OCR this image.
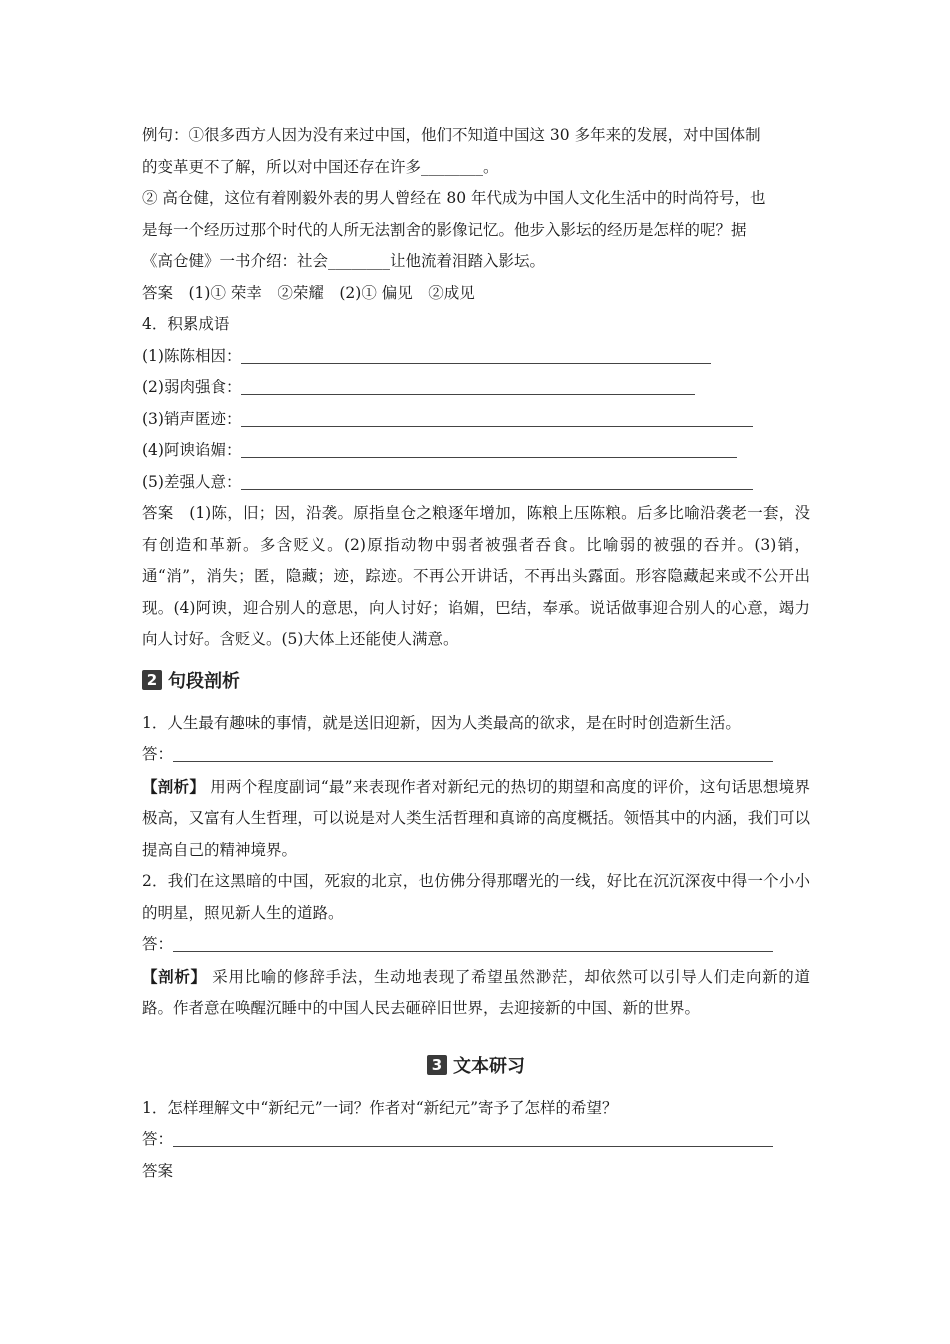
例句：①很多西方人因为没有来过中国，他们不知道中国这 30 多年来的发展，对中国体制

的变革更不了解，所以对中国还存在许多________。

② 高仓健，这位有着刚毅外表的男人曾经在 80 年代成为中国人文化生活中的时尚符号，也

是每一个经历过那个时代的人所无法割舍的影像记忆。他步入影坛的经历是怎样的呢？据

《高仓健》一书介绍：社会________让他流着泪踏入影坛。

答案　(1)① 荣幸　②荣耀　(2)① 偏见　②成见

4．积累成语

(1)陈陈相因：

(2)弱肉强食：

(3)销声匿迹：

(4)阿谀谄媚：

(5)差强人意：

答案　(1)陈，旧；因，沿袭。原指皇仓之粮逐年增加，陈粮上压陈粮。后多比喻沿袭老一套，没有创造和革新。多含贬义。(2)原指动物中弱者被强者吞食。比喻弱的被强的吞并。(3)销，通“消”，消失；匿，隐藏；迹，踪迹。不再公开讲话，不再出头露面。形容隐藏起来或不公开出现。(4)阿谀，迎合别人的意思，向人讨好；谄媚，巴结，奉承。说话做事迎合别人的心意，竭力向人讨好。含贬义。(5)大体上还能使人满意。

2 句段剖析

1．人生最有趣味的事情，就是送旧迎新，因为人类最高的欲求，是在时时创造新生活。

答：

【剖析】 用两个程度副词“最”来表现作者对新纪元的热切的期望和高度的评价，这句话思想境界极高，又富有人生哲理，可以说是对人类生活哲理和真谛的高度概括。领悟其中的内涵，我们可以提高自己的精神境界。

2．我们在这黑暗的中国，死寂的北京，也仿佛分得那曙光的一线，好比在沉沉深夜中得一个小小的明星，照见新人生的道路。

答：

【剖析】 采用比喻的修辞手法，生动地表现了希望虽然渺茫，却依然可以引导人们走向新的道路。作者意在唤醒沉睡中的中国人民去砸碎旧世界，去迎接新的中国、新的世界。

3 文本研习

1．怎样理解文中“新纪元”一词？作者对“新纪元”寄予了怎样的希望？

答：

答案
